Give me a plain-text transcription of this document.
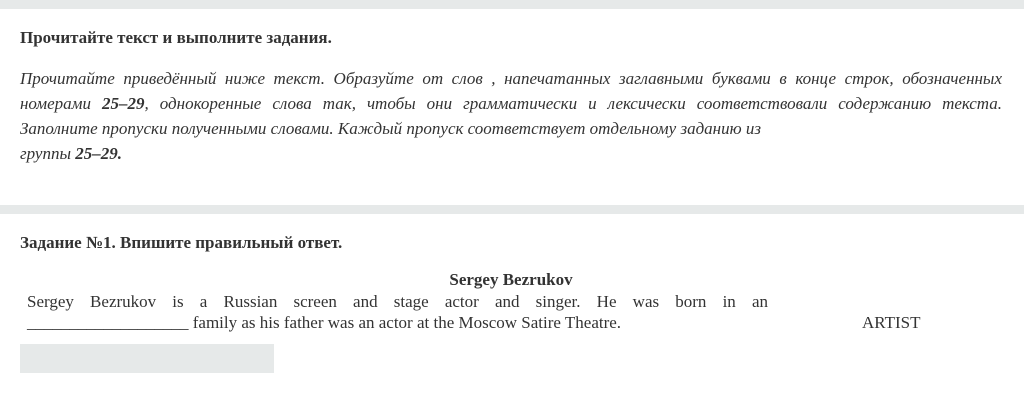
Прочитайте текст и выполните задания.
Прочитайте приведённый ниже текст. Образуйте от слов , напечатанных заглавными буквами в конце строк, обозначенных
номерами 25–29, однокоренные слова так, чтобы они грамматически и лексически соответствовали содержанию текста.
Заполните пропуски полученными словами. Каждый пропуск соответствует отдельному заданию из
группы 25–29.
Задание №1. Впишите правильный ответ.
Sergey Bezrukov
Sergey Bezrukov is a Russian screen and stage actor and singer. He was born in an
___________________ family as his father was an actor at the Moscow Satire Theatre.	ARTIST
